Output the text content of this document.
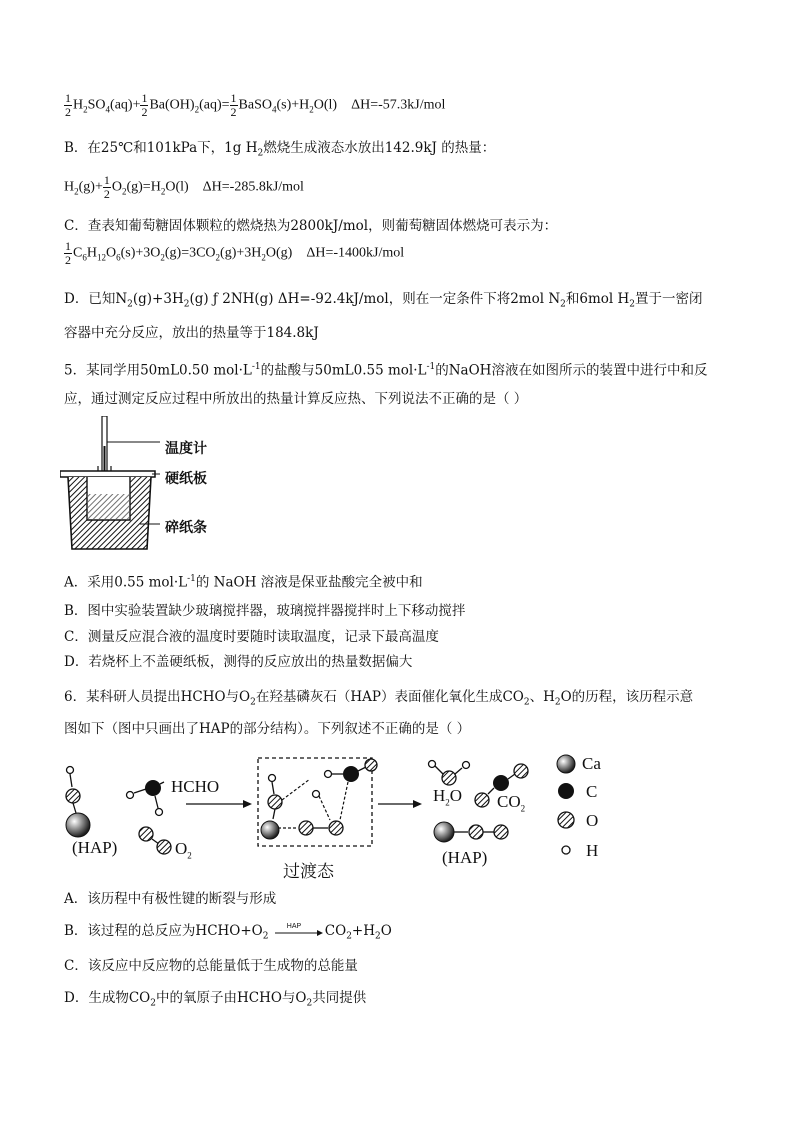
$\frac{1}{2} H_2SO_4(aq)+ \frac{1}{2} Ba(OH)_2(aq)= \frac{1}{2}$ $BaSO_4(s)+H_2O(l)$ ΔH=-57.3kJ/mol
B．在25℃和101kPa下，1g $H_2$燃烧生成液态水放出142.9kJ 的热量：
$H_2(g)+ \frac{1}{2} O_2(g)=H_2O(l)$ ΔH=-285.8kJ/mol
C．查表知葡萄糖固体颗粒的燃烧热为2800kJ/mol，则葡萄糖固体燃烧可表示为：
$\frac{1}{2} C_6H_{12}O_6(s)+3O_2(g)=3CO_2(g)+3H_2O(g)$ ΔH=-1400kJ/mol
D．已知$N_2(g)+3H_2(g)$ ƒ 2NH(g) ΔH=-92.4kJ/mol，则在一定条件下将2mol $N_2$和6mol $H_2$置于一密闭
容器中充分反应，放出的热量等于184.8kJ
5．某同学用50mL0.50 $mol\cdot L^{-1}$的盐酸与50mL0.55 $mol\cdot L^{-1}$的NaOH溶液在如图所示的装置中进行中和反
应，通过测定反应过程中所放出的热量计算反应热、下列说法不正确的是（ ）
温度计
硬纸板
碎纸条
A．采用0.55 $mol\cdot L^{-1}$的 NaOH 溶液是保亚盐酸完全被中和
B．图中实验装置缺少玻璃搅拌器，玻璃搅拌器搅拌时上下移动搅拌
C．测量反应混合液的温度时要随时读取温度，记录下最高温度
D．若烧杯上不盖硬纸板，测得的反应放出的热量数据偏大
6．某科研人员提出HCHO与$O_2$在羟基磷灰石（HAP）表面催化氧化生成$CO_2$、$H_2O$的历程，该历程示意
图如下（图中只画出了HAP的部分结构）。下列叙述不正确的是（ ）
HCHO
(HAP)	$O_2$
过渡态
$H_2O$ $CO_2$
(HAP)
Ca
C
O
H
A．该历程中有极性键的断裂与形成
B．该过程的总反应为$HCHO+O_2$
HAP $CO_2+H_2O$
C．该反应中反应物的总能量低于生成物的总能量
D．生成物$CO_2$中的氧原子由HCHO与$O_2$共同提供
